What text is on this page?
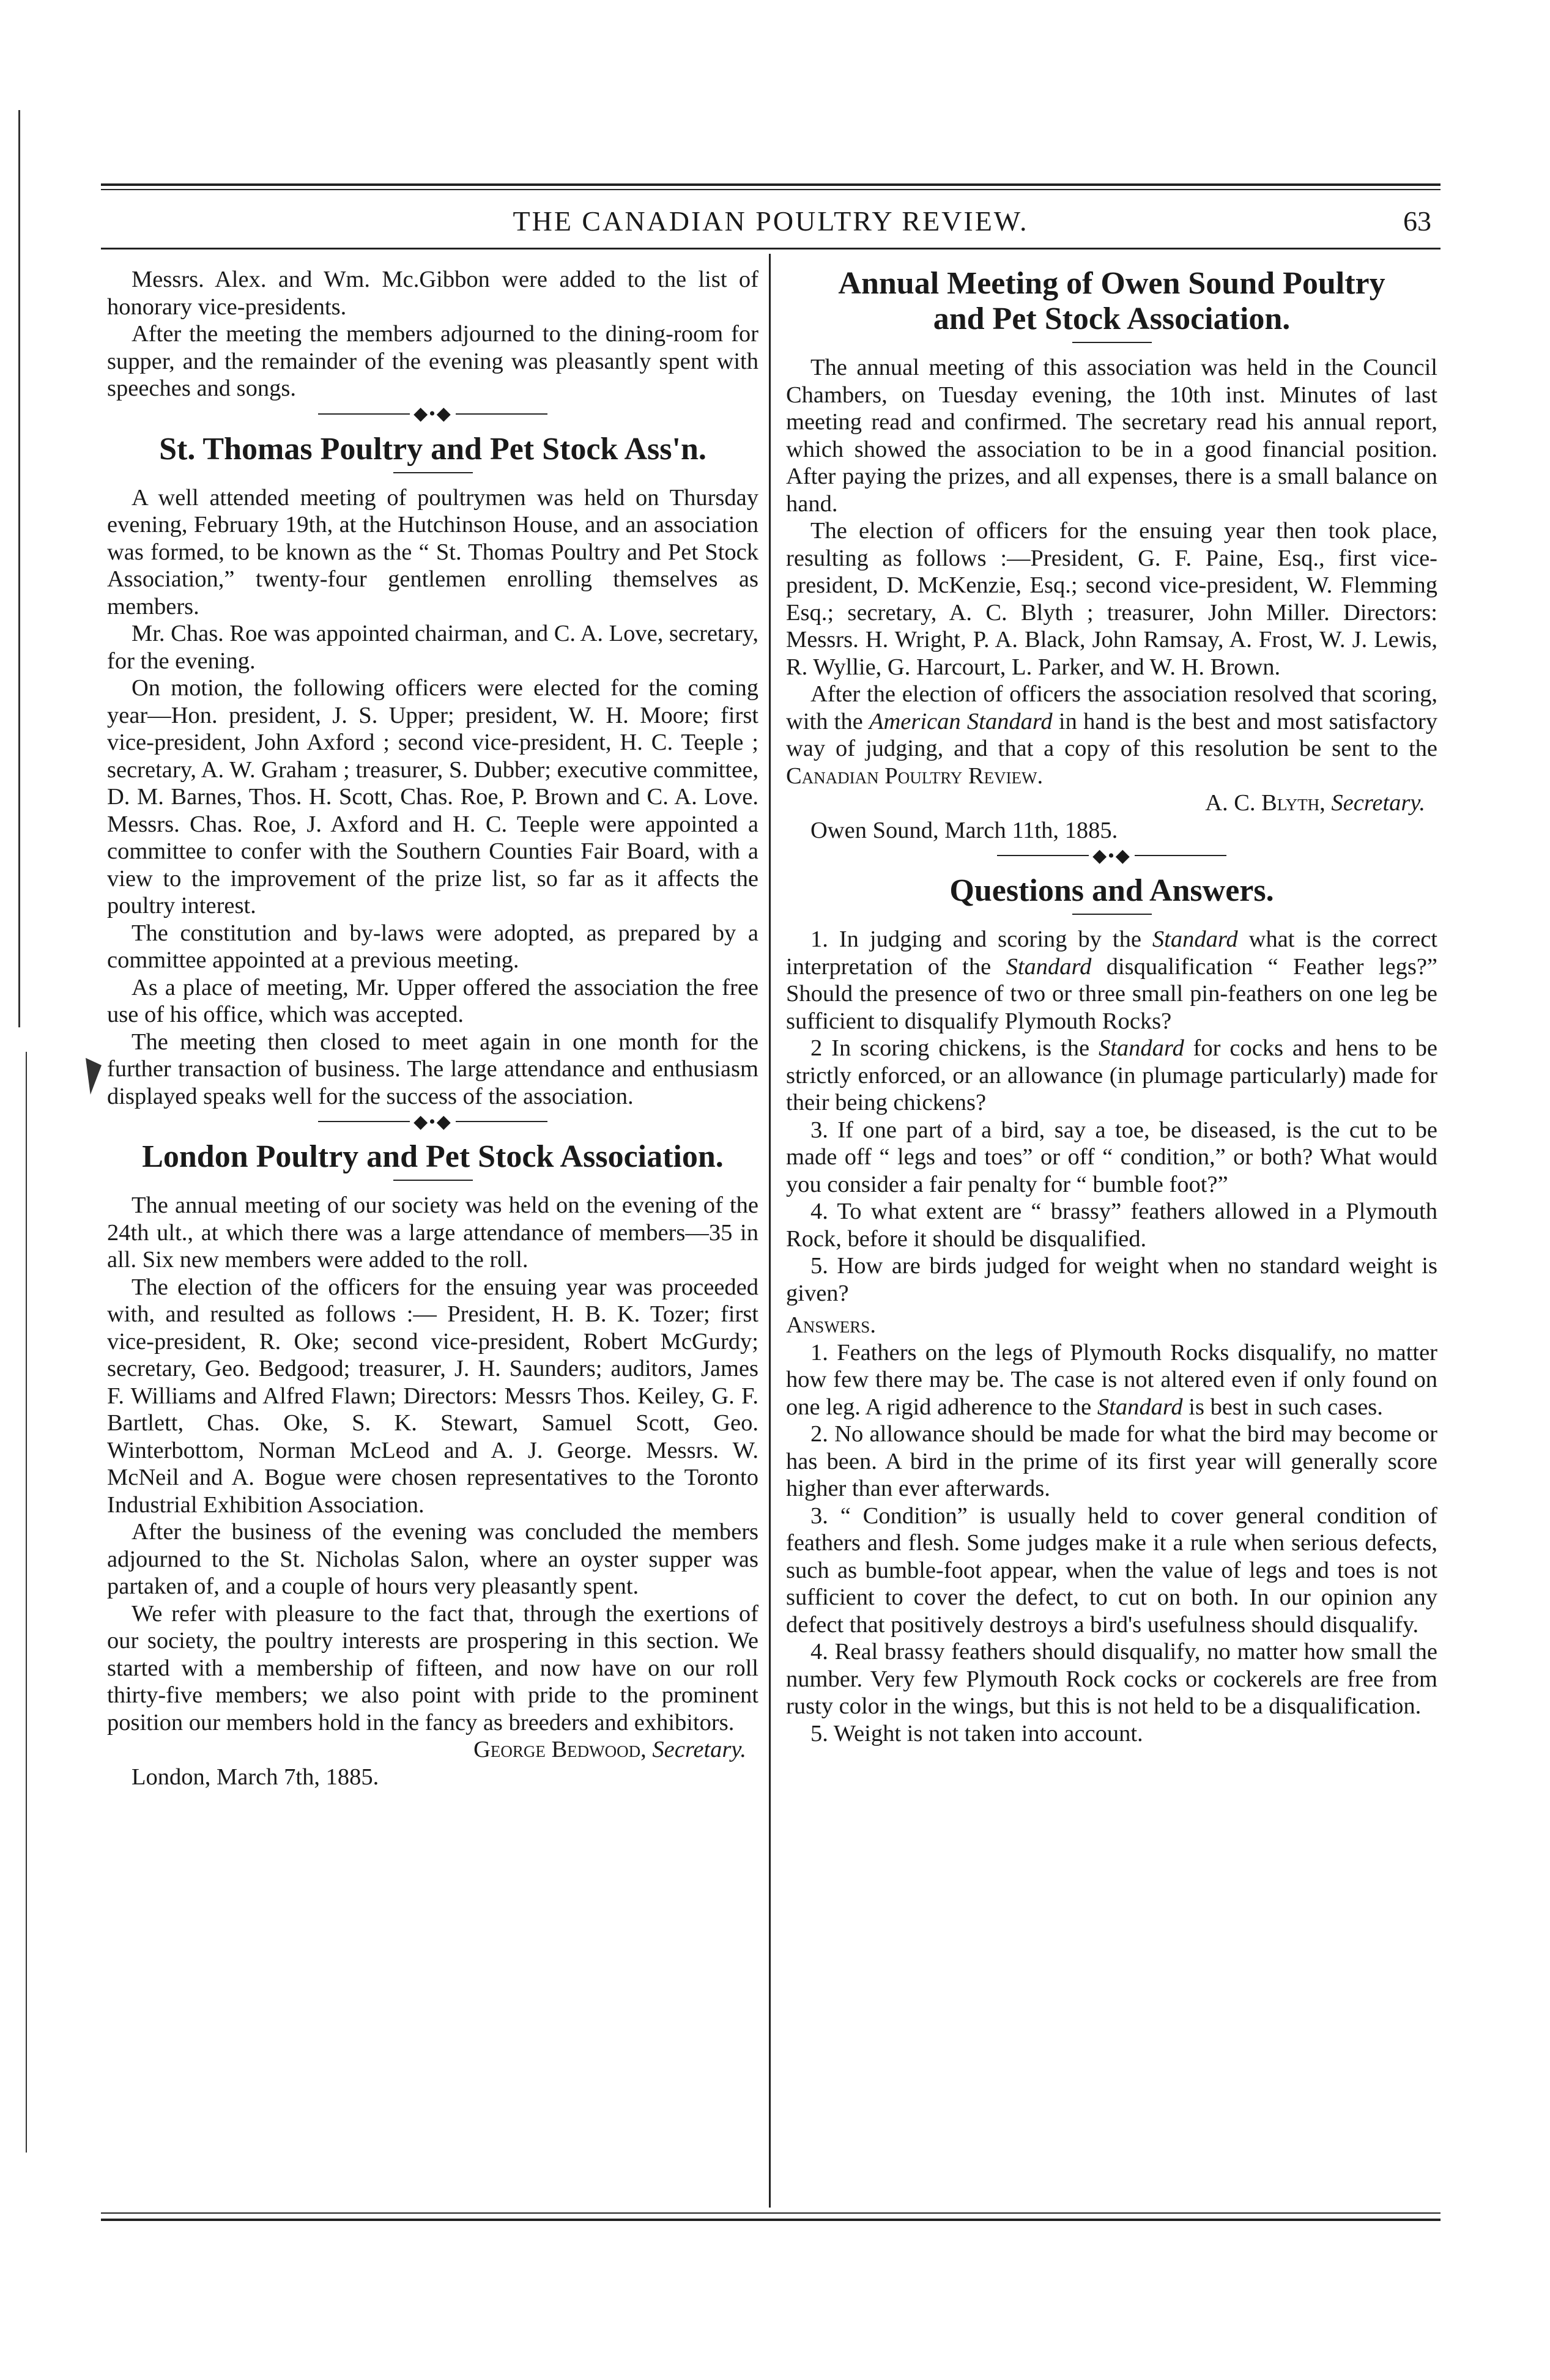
THE CANADIAN POULTRY REVIEW.	63

Messrs. Alex. and Wm. Mc.Gibbon were added to the list of honorary vice-presidents.

After the meeting the members adjourned to the dining-room for supper, and the remainder of the evening was pleasantly spent with speeches and songs.

◆•◆
St. Thomas Poultry and Pet Stock Ass'n.

A well attended meeting of poultrymen was held on Thursday evening, February 19th, at the Hutchinson House, and an association was formed, to be known as the “ St. Thomas Poultry and Pet Stock Association,” twenty-four gentlemen enrolling themselves as members.

Mr. Chas. Roe was appointed chairman, and C. A. Love, secretary, for the evening.

On motion, the following officers were elected for the coming year—Hon. president, J. S. Upper; president, W. H. Moore; first vice-president, John Axford ; second vice-president, H. C. Teeple ; secretary, A. W. Graham ; treasurer, S. Dubber; executive committee, D. M. Barnes, Thos. H. Scott, Chas. Roe, P. Brown and C. A. Love. Messrs. Chas. Roe, J. Axford and H. C. Teeple were appointed a committee to confer with the Southern Counties Fair Board, with a view to the improvement of the prize list, so far as it affects the poultry interest.

The constitution and by-laws were adopted, as prepared by a committee appointed at a previous meeting.

As a place of meeting, Mr. Upper offered the association the free use of his office, which was accepted.

The meeting then closed to meet again in one month for the further transaction of business. The large attendance and enthusiasm displayed speaks well for the success of the association.

◆•◆
London Poultry and Pet Stock Association.

The annual meeting of our society was held on the evening of the 24th ult., at which there was a large attendance of members—35 in all. Six new members were added to the roll.

The election of the officers for the ensuing year was proceeded with, and resulted as follows :— President, H. B. K. Tozer; first vice-president, R. Oke; second vice-president, Robert McGurdy; secretary, Geo. Bedgood; treasurer, J. H. Saunders; auditors, James F. Williams and Alfred Flawn; Directors: Messrs Thos. Keiley, G. F. Bartlett, Chas. Oke, S. K. Stewart, Samuel Scott, Geo. Winterbottom, Norman McLeod and A. J. George. Messrs. W. McNeil and A. Bogue were chosen representatives to the Toronto Industrial Exhibition Association.

After the business of the evening was concluded the members adjourned to the St. Nicholas Salon, where an oyster supper was partaken of, and a couple of hours very pleasantly spent.

We refer with pleasure to the fact that, through the exertions of our society, the poultry interests are prospering in this section. We started with a membership of fifteen, and now have on our roll thirty-five members; we also point with pride to the prominent position our members hold in the fancy as breeders and exhibitors.

George Bedwood, Secretary.

London, March 7th, 1885.

Annual Meeting of Owen Sound Poultry
and Pet Stock Association.

The annual meeting of this association was held in the Council Chambers, on Tuesday evening, the 10th inst. Minutes of last meeting read and confirmed. The secretary read his annual report, which showed the association to be in a good financial position. After paying the prizes, and all expenses, there is a small balance on hand.

The election of officers for the ensuing year then took place, resulting as follows :—President, G. F. Paine, Esq., first vice-president, D. McKenzie, Esq.; second vice-president, W. Flemming Esq.; secretary, A. C. Blyth ; treasurer, John Miller. Directors: Messrs. H. Wright, P. A. Black, John Ramsay, A. Frost, W. J. Lewis, R. Wyllie, G. Harcourt, L. Parker, and W. H. Brown.

After the election of officers the association resolved that scoring, with the American Standard in hand is the best and most satisfactory way of judging, and that a copy of this resolution be sent to the Canadian Poultry Review.

A. C. Blyth, Secretary.

Owen Sound, March 11th, 1885.

◆•◆
Questions and Answers.

1. In judging and scoring by the Standard what is the correct interpretation of the Standard disqualification “ Feather legs?” Should the presence of two or three small pin-feathers on one leg be sufficient to disqualify Plymouth Rocks?

2 In scoring chickens, is the Standard for cocks and hens to be strictly enforced, or an allowance (in plumage particularly) made for their being chickens?

3. If one part of a bird, say a toe, be diseased, is the cut to be made off “ legs and toes” or off “ condition,” or both? What would you consider a fair penalty for “ bumble foot?”

4. To what extent are “ brassy” feathers allowed in a Plymouth Rock, before it should be disqualified.

5. How are birds judged for weight when no standard weight is given?

Answers.

1. Feathers on the legs of Plymouth Rocks disqualify, no matter how few there may be. The case is not altered even if only found on one leg. A rigid adherence to the Standard is best in such cases.

2. No allowance should be made for what the bird may become or has been. A bird in the prime of its first year will generally score higher than ever afterwards.

3. “ Condition” is usually held to cover general condition of feathers and flesh. Some judges make it a rule when serious defects, such as bumble-foot appear, when the value of legs and toes is not sufficient to cover the defect, to cut on both. In our opinion any defect that positively destroys a bird's usefulness should disqualify.

4. Real brassy feathers should disqualify, no matter how small the number. Very few Plymouth Rock cocks or cockerels are free from rusty color in the wings, but this is not held to be a disqualification.

5. Weight is not taken into account.
